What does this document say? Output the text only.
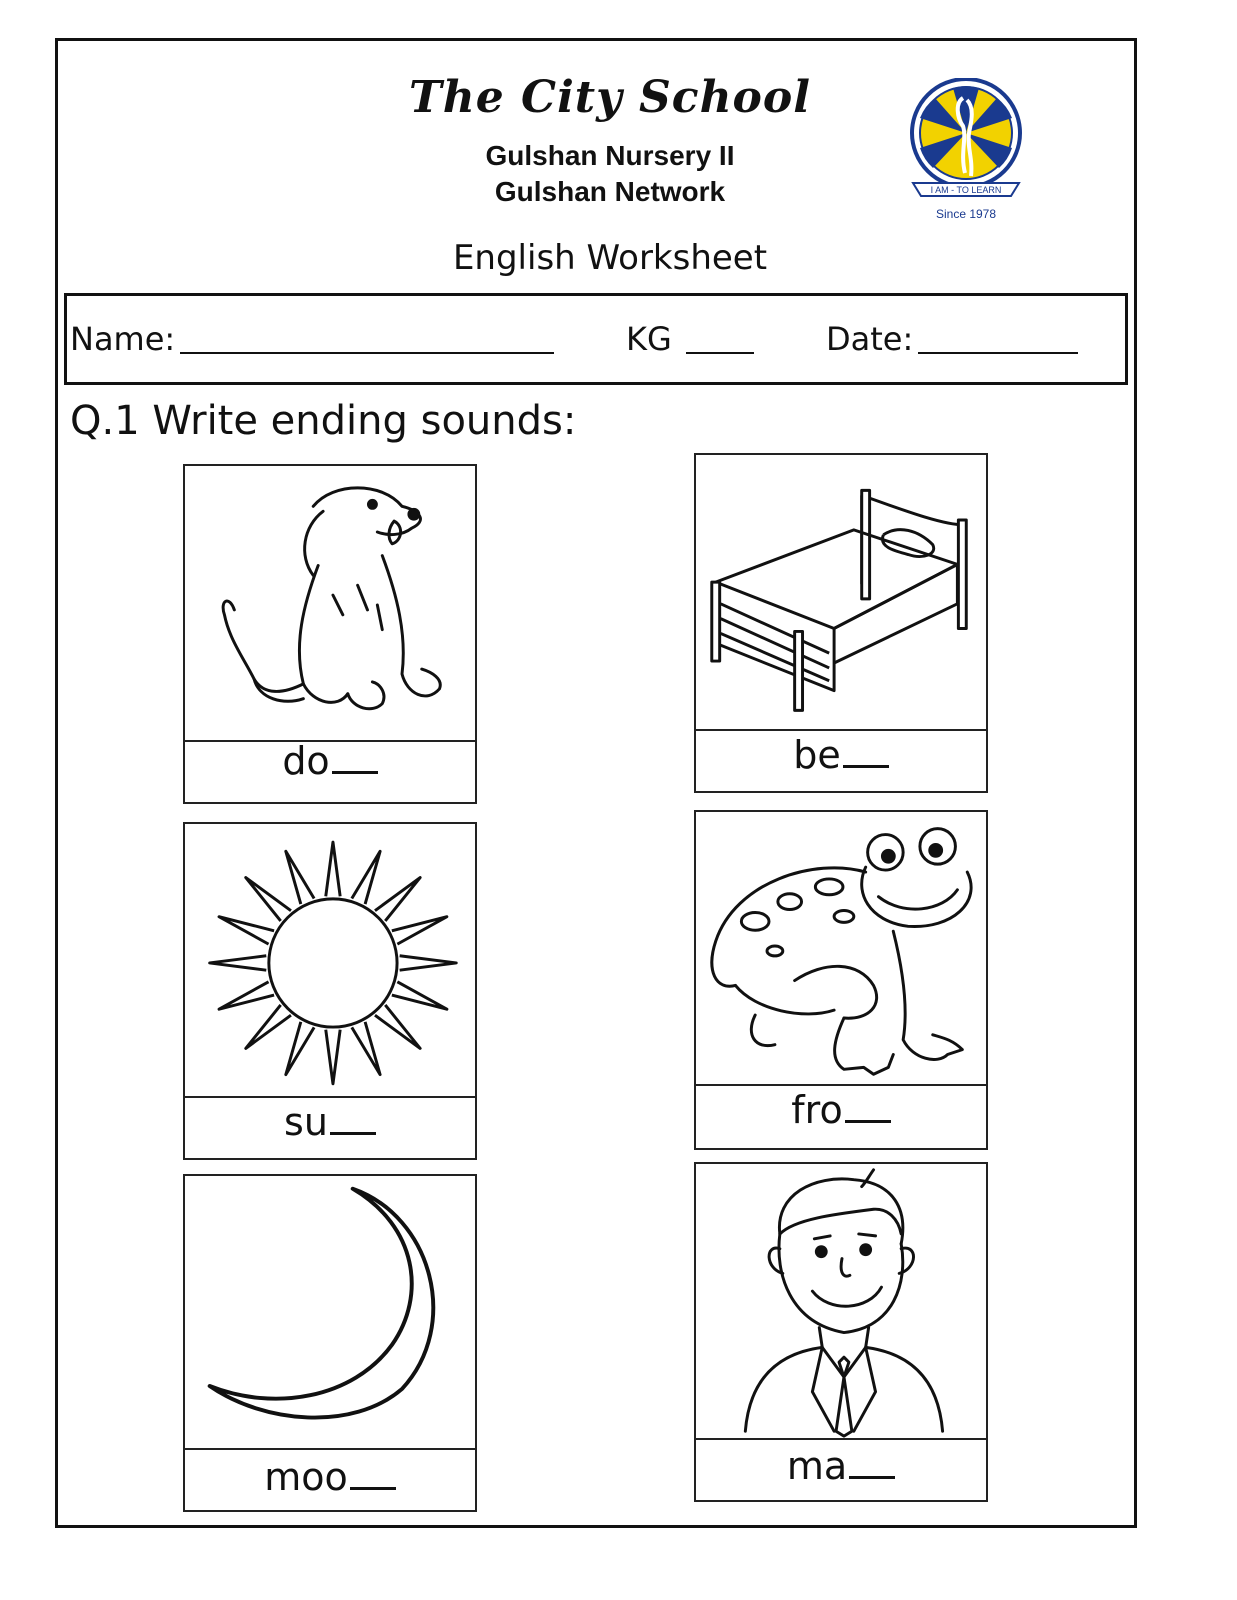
The City School
Gulshan Nursery II
Gulshan Network
English Worksheet
I AM - TO LEARN
Since 1978
Name:	KG	Date:
Q.1 Write ending sounds:
do	be
su	fro
moo	ma
